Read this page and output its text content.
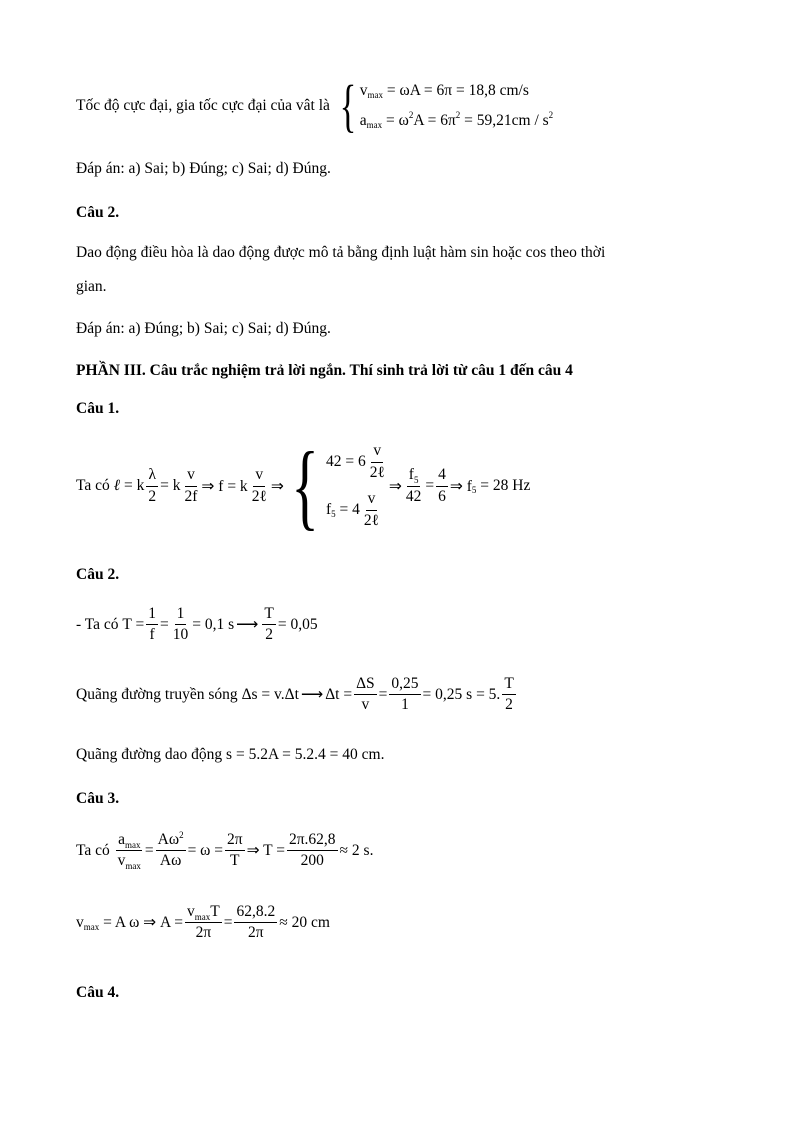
Tốc độ cực đại, gia tốc cực đại của vât là { v max
= ωA = 6π = 18,8 cm/s
a max
= ω 2 A = 6π 2
= 59,21cm / s 2
Đáp án: a) Sai; b) Đúng; c) Sai; d) Đúng.
Câu 2.
Dao động điều hòa là dao động được mô tả bằng định luật hàm sin hoặc cos theo thời
gian.
Đáp án: a) Đúng; b) Sai; c) Sai; d) Đúng.
PHẦN III. Câu trắc nghiệm trả lời ngắn. Thí sinh trả lời từ câu 1 đến câu 4
Câu 1.
Ta có
ℓ
= k $\frac{\lambda}{2} = k \frac{v}{2f}$ ⇒ f = k $\frac{v}{\text{2ℓ}}$ ⇒ { $42 = 6 \frac{v}{\text{2ℓ}}$
f 5
= $4 \frac{v}{\text{2ℓ}}$
⇒ $\frac{f_5}{42} = \frac{4}{6}$ ⇒ f 5
= 28 Hz
Câu 2.
- Ta có
$T = \frac{1}{f} = \frac{1}{10} = 0,1$ s ⟶ $\frac{T}{2} = 0,05$
Quãng đường truyền sóng
Δs = v.Δt ⟶ $\Delta t = \frac{\Delta S}{v} = \frac{0,25}{1} = 0,25$ s = 5. $\frac{T}{2}$
Quãng đường dao động s = 5.2A = 5.2.4 = 40 cm.
Câu 3.
Ta có
$\frac{a_{max}}{v_{max}} = \frac{A\omega^2}{A\omega} = \omega = \frac{2\pi}{T}$ ⇒ $T = \frac{2\pi.62,8}{200} \approx 2$ s.
v max
= A ω ⇒ $A = \frac{v_{max}T}{2\pi} = \frac{62,8.2}{2\pi} \approx 20$ cm
Câu 4.
